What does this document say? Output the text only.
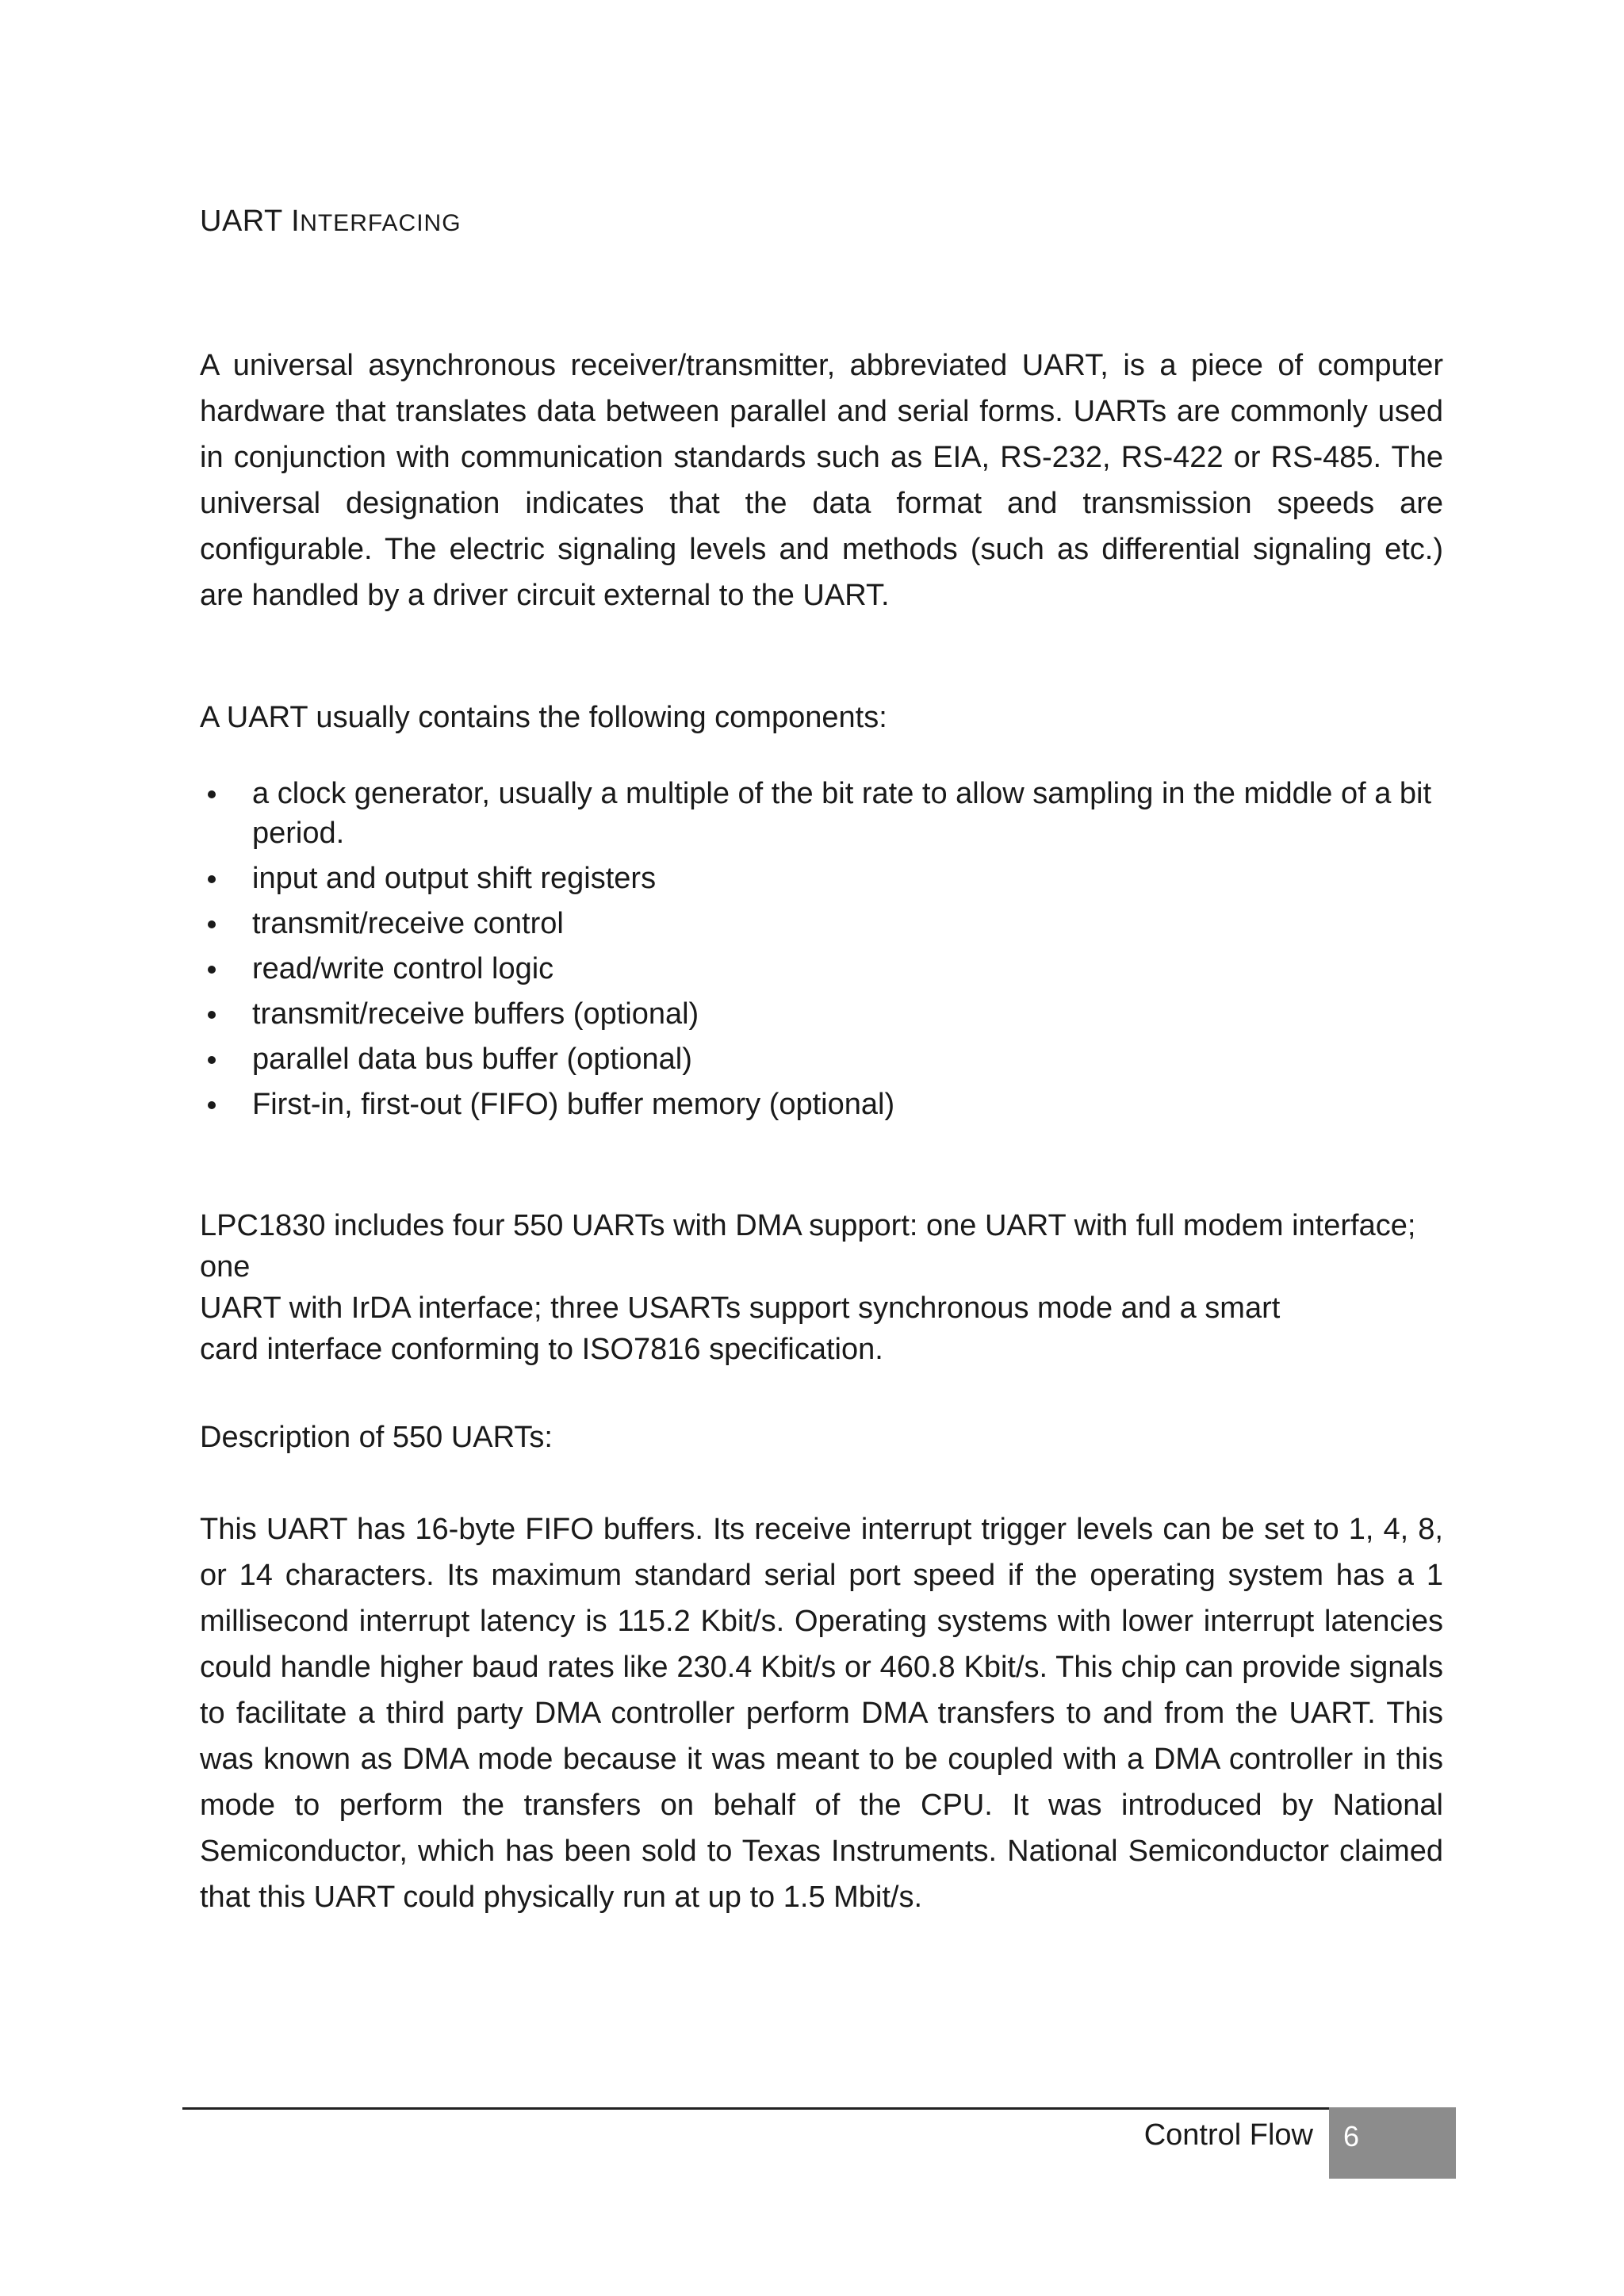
UART INTERFACING

A universal asynchronous receiver/transmitter, abbreviated UART, is a piece of computer hardware that translates data between parallel and serial forms. UARTs are commonly used in conjunction with communication standards such as EIA, RS-232, RS-422 or RS-485. The universal designation indicates that the data format and transmission speeds are configurable. The electric signaling levels and methods (such as differential signaling etc.) are handled by a driver circuit external to the UART.

A UART usually contains the following components:

a clock generator, usually a multiple of the bit rate to allow sampling in the middle of a bit period.
input and output shift registers
transmit/receive control
read/write control logic
transmit/receive buffers (optional)
parallel data bus buffer (optional)
First-in, first-out (FIFO) buffer memory (optional)

LPC1830 includes four 550 UARTs with DMA support: one UART with full modem interface;
one
UART with IrDA interface; three USARTs support synchronous mode and a smart
card interface conforming to ISO7816 specification.

Description of 550 UARTs:

This UART has 16-byte FIFO buffers. Its receive interrupt trigger levels can be set to 1, 4, 8, or 14 characters. Its maximum standard serial port speed if the operating system has a 1 millisecond interrupt latency is 115.2 Kbit/s. Operating systems with lower interrupt latencies could handle higher baud rates like 230.4 Kbit/s or 460.8 Kbit/s. This chip can provide signals to facilitate a third party DMA controller perform DMA transfers to and from the UART. This was known as DMA mode because it was meant to be coupled with a DMA controller in this mode to perform the transfers on behalf of the CPU. It was introduced by National Semiconductor, which has been sold to Texas Instruments. National Semiconductor claimed that this UART could physically run at up to 1.5 Mbit/s.

Control Flow	6
